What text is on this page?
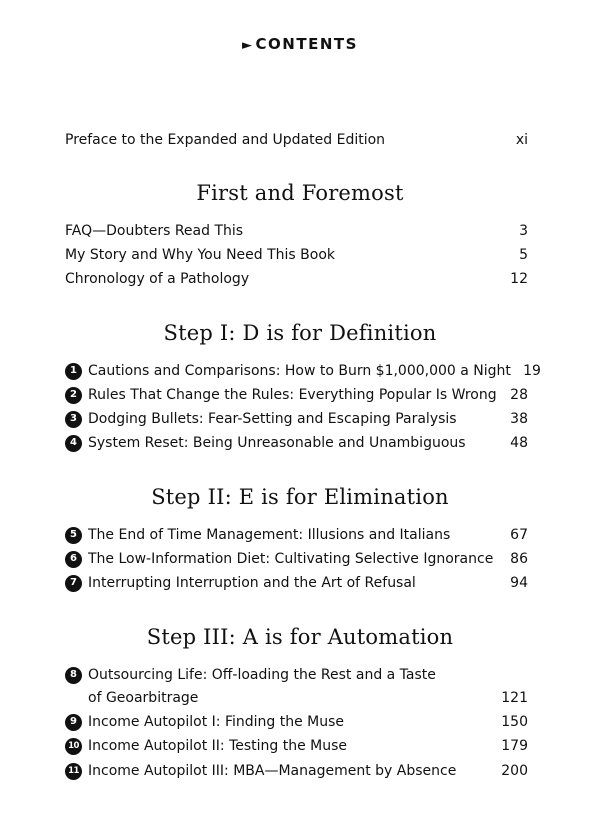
► CONTENTS
Preface to the Expanded and Updated Edition	xi
First and Foremost
FAQ—Doubters Read This	3
My Story and Why You Need This Book	5
Chronology of a Pathology	12
Step I: D is for Definition
1 Cautions and Comparisons: How to Burn $1,000,000 a Night 19
2 Rules That Change the Rules: Everything Popular Is Wrong 28
3 Dodging Bullets: Fear-Setting and Escaping Paralysis	38
4 System Reset: Being Unreasonable and Unambiguous	48
Step II: E is for Elimination
5 The End of Time Management: Illusions and Italians	67
6 The Low-Information Diet: Cultivating Selective Ignorance	86
7 Interrupting Interruption and the Art of Refusal	94
Step III: A is for Automation
8 Outsourcing Life: Off-loading the Rest and a Taste
of Geoarbitrage	121
9 Income Autopilot I: Finding the Muse	150
10 Income Autopilot II: Testing the Muse	179
11 Income Autopilot III: MBA—Management by Absence	200
